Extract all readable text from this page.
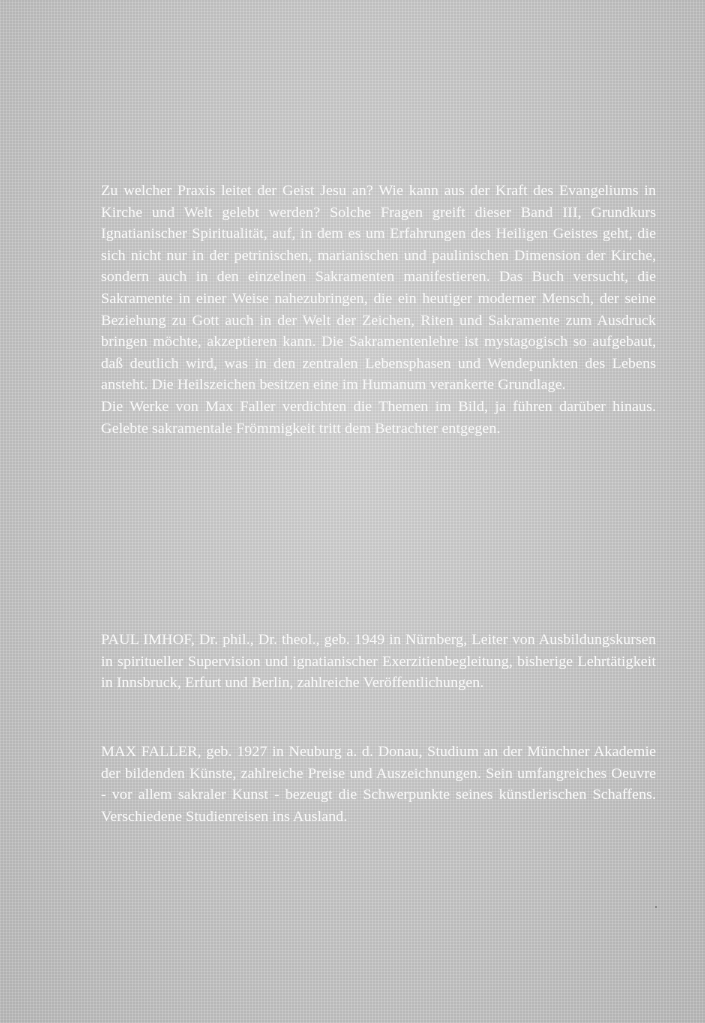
Zu welcher Praxis leitet der Geist Jesu an? Wie kann aus der Kraft des Evangeliums in Kirche und Welt gelebt werden? Solche Fragen greift dieser Band III, Grundkurs Ignatianischer Spiritualität, auf, in dem es um Erfahrungen des Heiligen Geistes geht, die sich nicht nur in der petrinischen, marianischen und paulinischen Dimension der Kirche, sondern auch in den einzelnen Sakramenten manifestieren. Das Buch versucht, die Sakramente in einer Weise nahezubringen, die ein heutiger moderner Mensch, der seine Beziehung zu Gott auch in der Welt der Zeichen, Riten und Sakramente zum Ausdruck bringen möchte, akzeptieren kann. Die Sakramentenlehre ist mystagogisch so aufgebaut, daß deutlich wird, was in den zentralen Lebensphasen und Wendepunkten des Lebens ansteht. Die Heilszeichen besitzen eine im Humanum verankerte Grundlage.

Die Werke von Max Faller verdichten die Themen im Bild, ja führen darüber hinaus. Gelebte sakramentale Frömmigkeit tritt dem Betrachter entgegen.

PAUL IMHOF, Dr. phil., Dr. theol., geb. 1949 in Nürnberg, Leiter von Ausbildungskursen in spiritueller Supervision und ignatianischer Exerzitienbegleitung, bisherige Lehrtätigkeit in Innsbruck, Erfurt und Berlin, zahlreiche Veröffentlichungen.

MAX FALLER, geb. 1927 in Neuburg a. d. Donau, Studium an der Münchner Akademie der bildenden Künste, zahlreiche Preise und Auszeichnungen. Sein umfangreiches Oeuvre - vor allem sakraler Kunst - bezeugt die Schwerpunkte seines künstlerischen Schaffens. Verschiedene Studienreisen ins Ausland.
